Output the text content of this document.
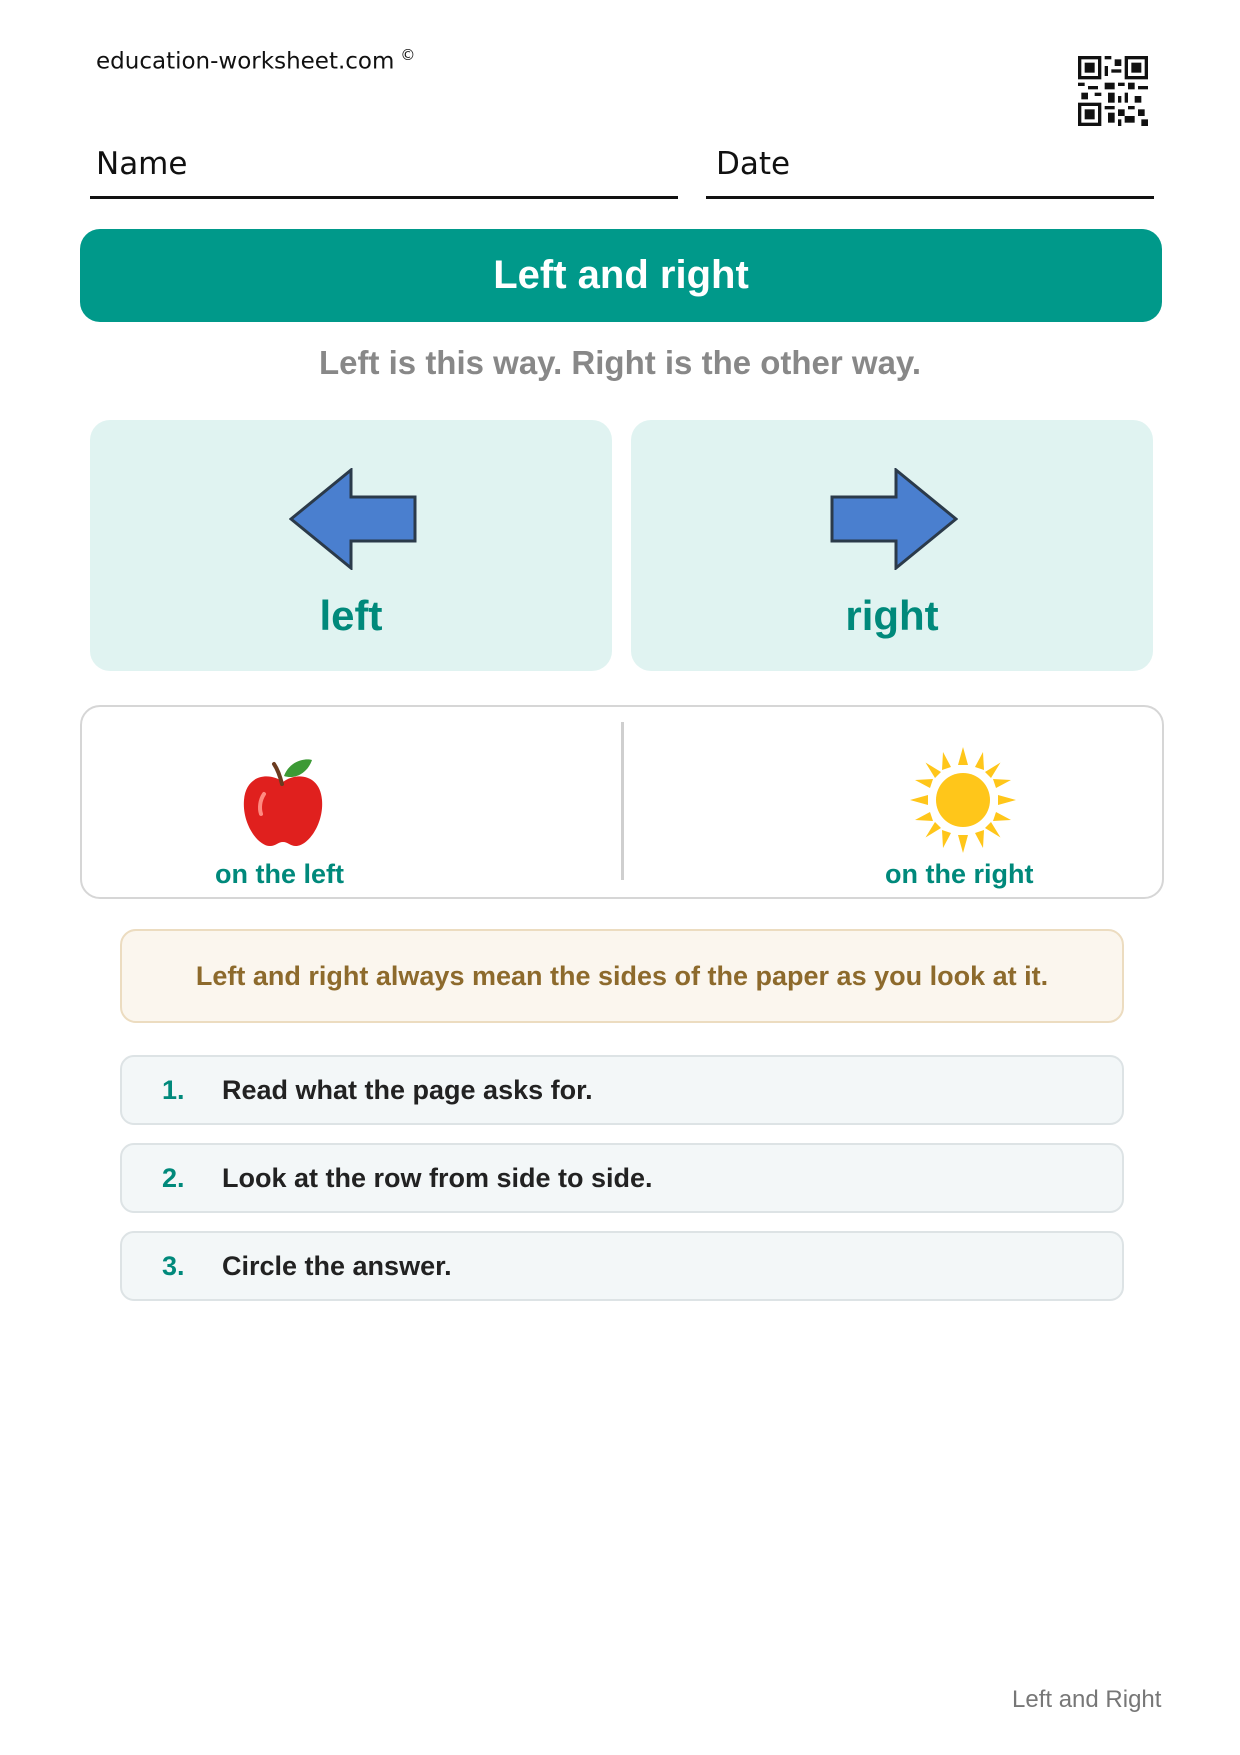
education-worksheet.com ©
Name	Date
Left and right
Left is this way. Right is the other way.
left	right
on the left	on the right
Left and right always mean the sides of the paper as you look at it.
1. Read what the page asks for.
2. Look at the row from side to side.
3. Circle the answer.
Left and Right
